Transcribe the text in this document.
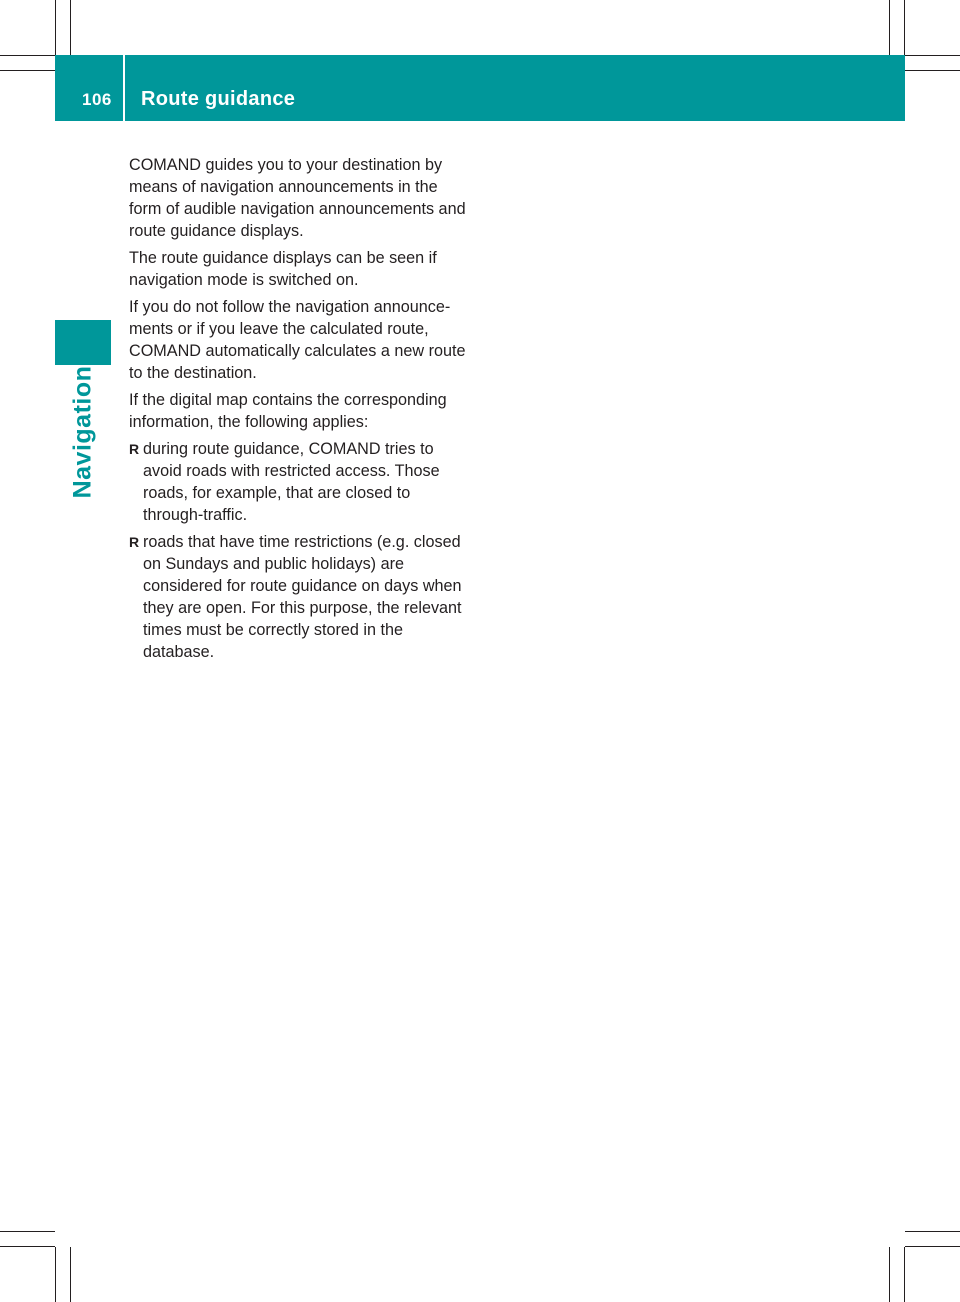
106 Route guidance
Navigation

COMAND guides you to your destination by means of navigation announcements in the form of audible navigation announcements and route guidance displays.

The route guidance displays can be seen if navigation mode is switched on.

If you do not follow the navigation announce-ments or if you leave the calculated route, COMAND automatically calculates a new route to the destination.

If the digital map contains the corresponding information, the following applies:

R during route guidance, COMAND tries to avoid roads with restricted access. Those roads, for example, that are closed to through-traffic.
R roads that have time restrictions (e.g. closed on Sundays and public holidays) are considered for route guidance on days when they are open. For this purpose, the relevant times must be correctly stored in the database.
